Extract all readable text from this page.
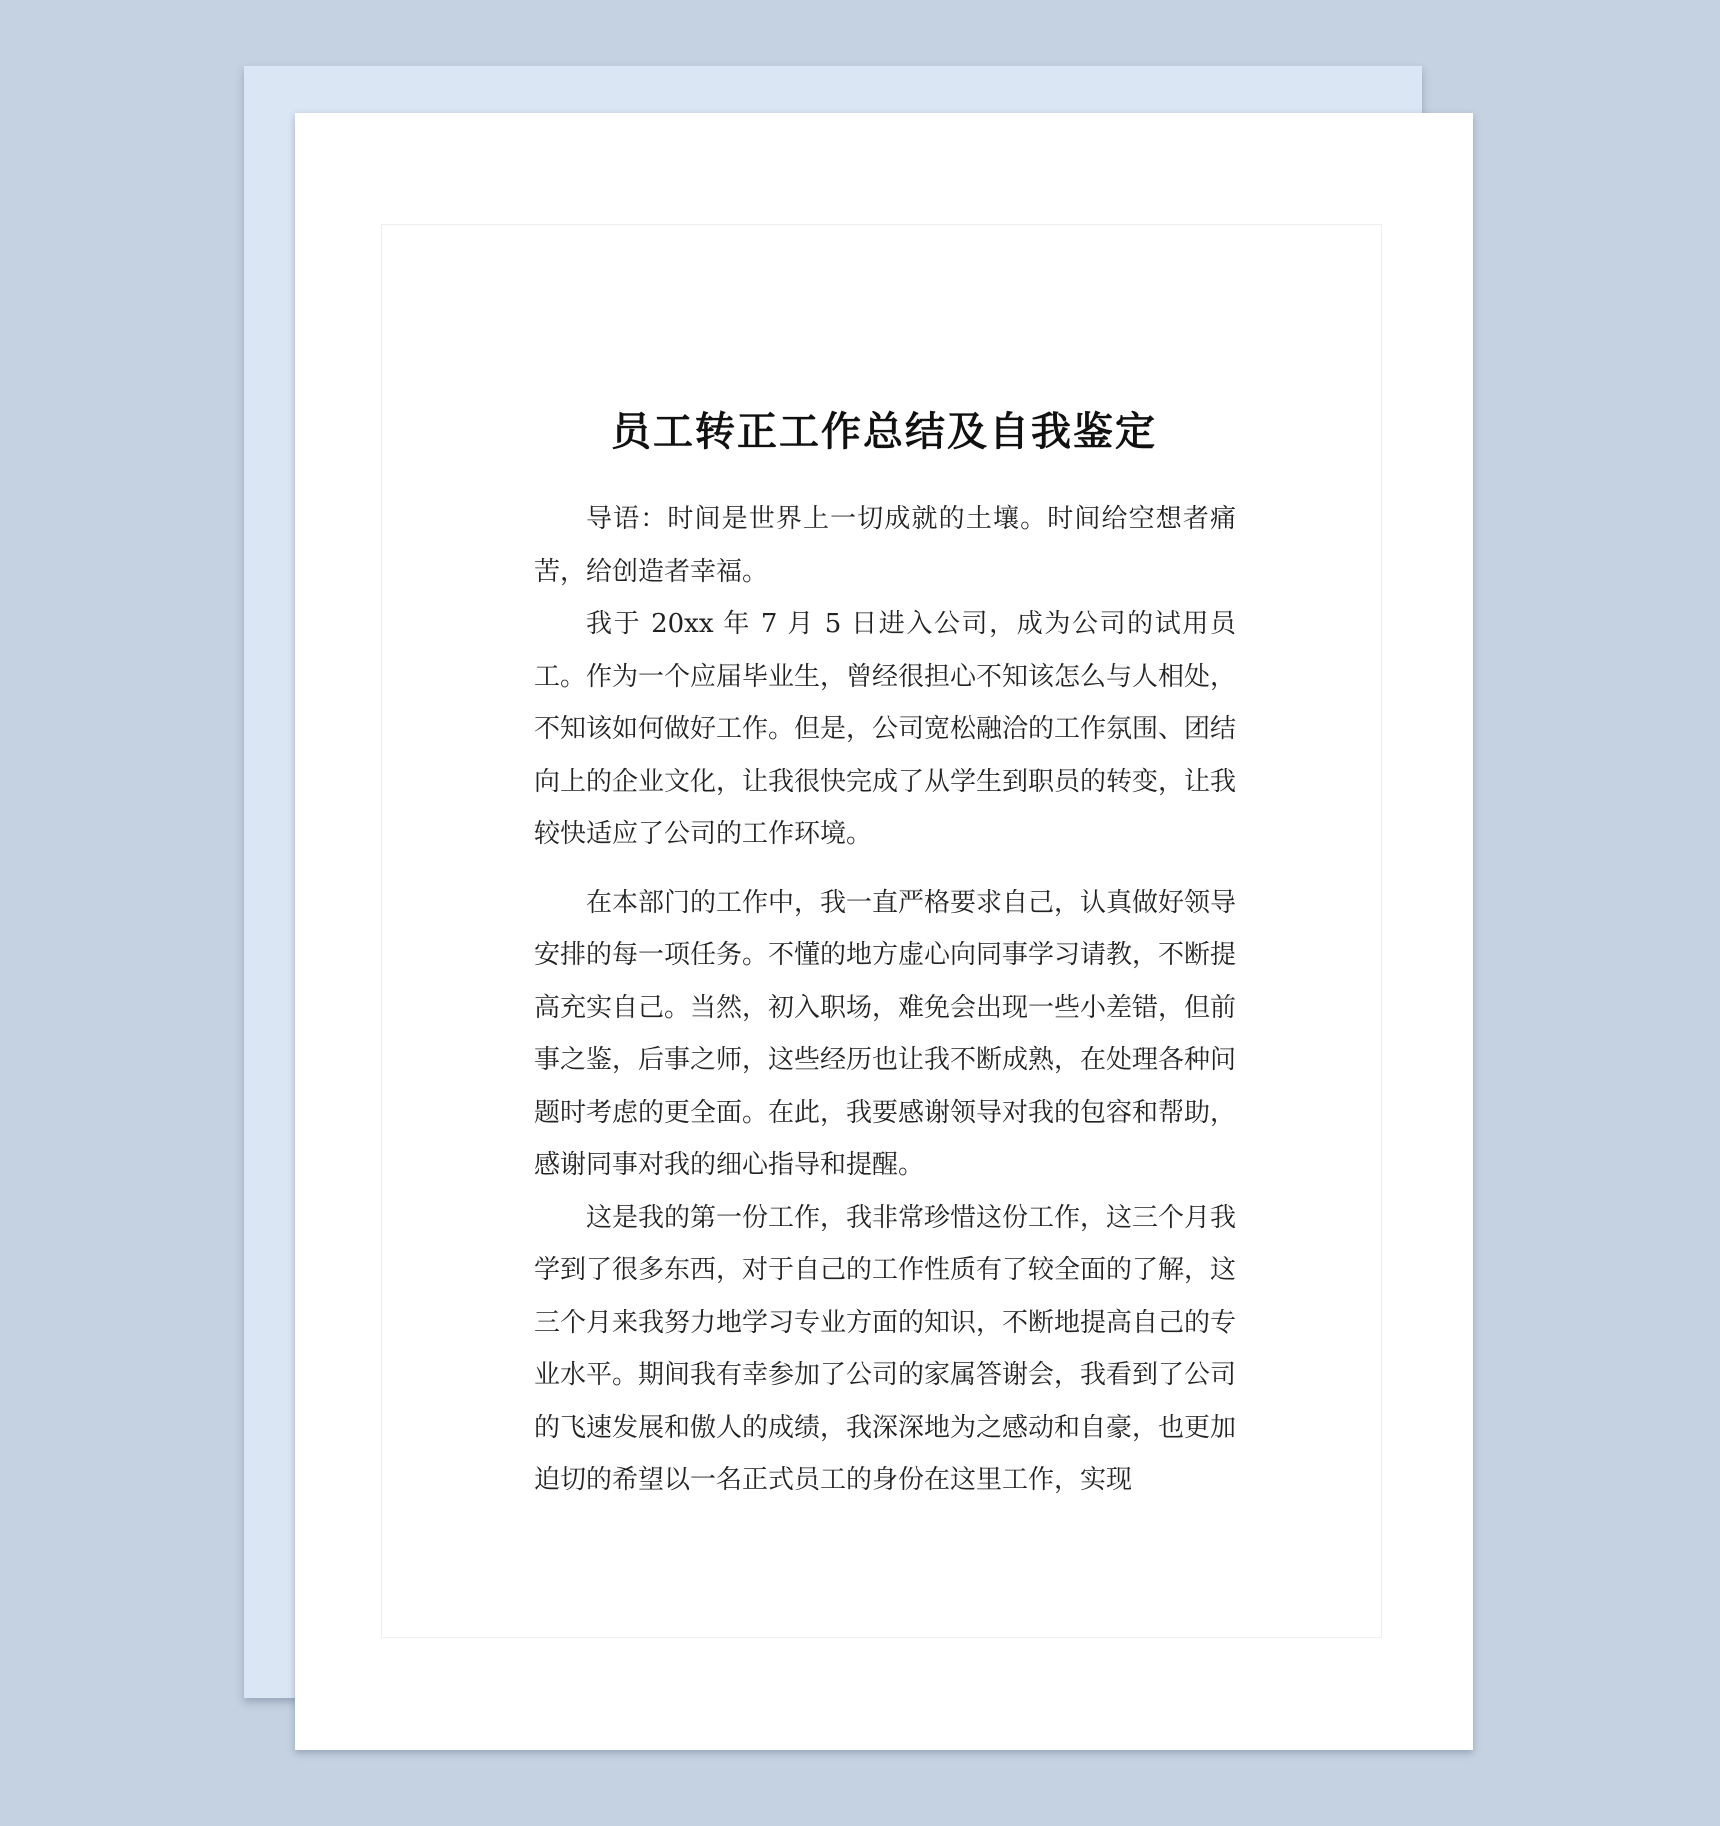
员工转正工作总结及自我鉴定

导语：时间是世界上一切成就的土壤。时间给空想者痛苦，给创造者幸福。

我于 20xx 年 7 月 5 日进入公司，成为公司的试用员工。作为一个应届毕业生，曾经很担心不知该怎么与人相处，不知该如何做好工作。但是，公司宽松融洽的工作氛围、团结向上的企业文化，让我很快完成了从学生到职员的转变，让我较快适应了公司的工作环境。

在本部门的工作中，我一直严格要求自己，认真做好领导安排的每一项任务。不懂的地方虚心向同事学习请教，不断提高充实自己。当然，初入职场，难免会出现一些小差错，但前事之鉴，后事之师，这些经历也让我不断成熟，在处理各种问题时考虑的更全面。在此，我要感谢领导对我的包容和帮助，感谢同事对我的细心指导和提醒。

这是我的第一份工作，我非常珍惜这份工作，这三个月我学到了很多东西，对于自己的工作性质有了较全面的了解，这三个月来我努力地学习专业方面的知识，不断地提高自己的专业水平。期间我有幸参加了公司的家属答谢会，我看到了公司的飞速发展和傲人的成绩，我深深地为之感动和自豪，也更加迫切的希望以一名正式员工的身份在这里工作，实现
